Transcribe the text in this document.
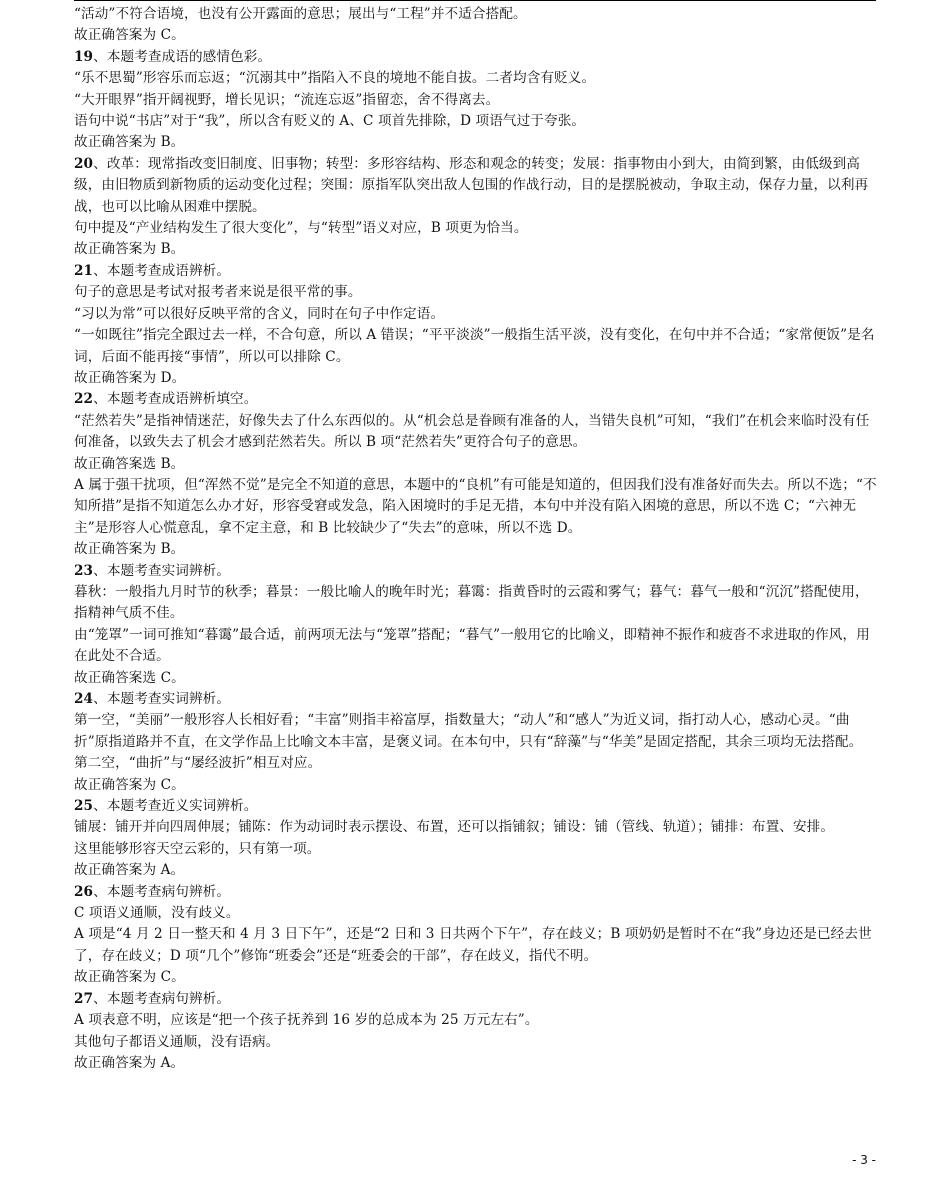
“活动”不符合语境，也没有公开露面的意思；展出与“工程”并不适合搭配。

故正确答案为 C。

19、本题考查成语的感情色彩。

“乐不思蜀”形容乐而忘返；“沉溺其中”指陷入不良的境地不能自拔。二者均含有贬义。

“大开眼界”指开阔视野，增长见识；“流连忘返”指留恋，舍不得离去。

语句中说“书店”对于“我”，所以含有贬义的 A、C 项首先排除，D 项语气过于夸张。

故正确答案为 B。

20、改革：现常指改变旧制度、旧事物；转型：多形容结构、形态和观念的转变；发展：指事物由小到大，由简到繁，由低级到高级，由旧物质到新物质的运动变化过程；突围：原指军队突出敌人包围的作战行动，目的是摆脱被动，争取主动，保存力量，以利再战，也可以比喻从困难中摆脱。

句中提及“产业结构发生了很大变化”，与“转型”语义对应，B 项更为恰当。

故正确答案为 B。

21、本题考查成语辨析。

句子的意思是考试对报考者来说是很平常的事。

“习以为常”可以很好反映平常的含义，同时在句子中作定语。

“一如既往”指完全跟过去一样，不合句意，所以 A 错误；“平平淡淡”一般指生活平淡，没有变化，在句中并不合适；“家常便饭”是名词，后面不能再接“事情”，所以可以排除 C。

故正确答案为 D。

22、本题考查成语辨析填空。

“茫然若失”是指神情迷茫，好像失去了什么东西似的。从“机会总是眷顾有准备的人，当错失良机”可知，“我们”在机会来临时没有任何准备，以致失去了机会才感到茫然若失。所以 B 项“茫然若失”更符合句子的意思。

故正确答案选 B。

A 属于强干扰项，但“浑然不觉”是完全不知道的意思，本题中的“良机”有可能是知道的，但因我们没有准备好而失去。所以不选；“不知所措”是指不知道怎么办才好，形容受窘或发急，陷入困境时的手足无措，本句中并没有陷入困境的意思，所以不选 C；“六神无主”是形容人心慌意乱，拿不定主意，和 B 比较缺少了“失去”的意味，所以不选 D。

故正确答案为 B。

23、本题考查实词辨析。

暮秋：一般指九月时节的秋季；暮景：一般比喻人的晚年时光；暮霭：指黄昏时的云霞和雾气；暮气：暮气一般和“沉沉”搭配使用，指精神气质不佳。

由“笼罩”一词可推知“暮霭”最合适，前两项无法与“笼罩”搭配；“暮气”一般用它的比喻义，即精神不振作和疲沓不求进取的作风，用在此处不合适。

故正确答案选 C。

24、本题考查实词辨析。

第一空，“美丽”一般形容人长相好看；“丰富”则指丰裕富厚，指数量大；“动人”和“感人”为近义词，指打动人心，感动心灵。“曲折”原指道路并不直，在文学作品上比喻文本丰富，是褒义词。在本句中，只有“辞藻”与“华美”是固定搭配，其余三项均无法搭配。

第二空，“曲折”与“屡经波折”相互对应。

故正确答案为 C。

25、本题考查近义实词辨析。

铺展：铺开并向四周伸展；铺陈：作为动词时表示摆设、布置，还可以指铺叙；铺设：铺（管线、轨道）；铺排：布置、安排。

这里能够形容天空云彩的，只有第一项。

故正确答案为 A。

26、本题考查病句辨析。

C 项语义通顺，没有歧义。

A 项是“4 月 2 日一整天和 4 月 3 日下午”，还是“2 日和 3 日共两个下午”，存在歧义；B 项奶奶是暂时不在“我”身边还是已经去世了，存在歧义；D 项“几个”修饰“班委会”还是“班委会的干部”，存在歧义，指代不明。

故正确答案为 C。

27、本题考查病句辨析。

A 项表意不明，应该是“把一个孩子抚养到 16 岁的总成本为 25 万元左右”。

其他句子都语义通顺，没有语病。

故正确答案为 A。

- 3 -
